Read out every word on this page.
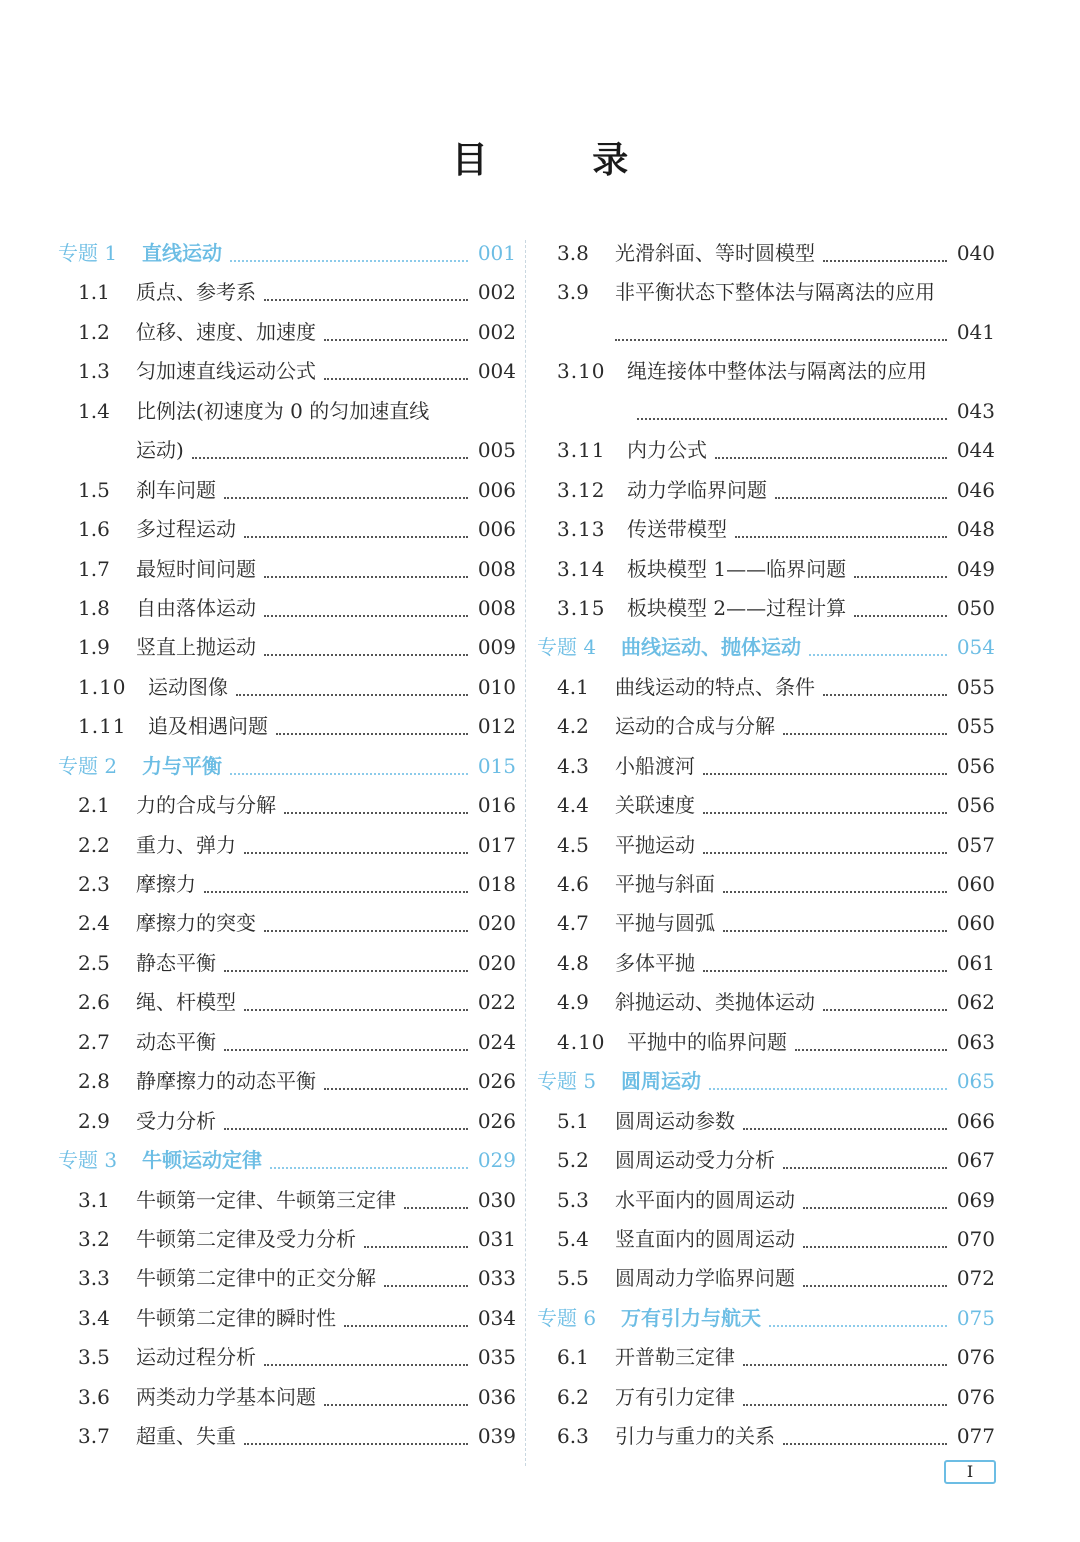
目 录
专题 1 直线运动	001
1.1 质点、参考系	002
1.2 位移、速度、加速度	002
1.3 匀加速直线运动公式	004
1.4 比例法(初速度为 0 的匀加速直线
运动)	005
1.5 刹车问题	006
1.6 多过程运动	006
1.7 最短时间问题	008
1.8 自由落体运动	008
1.9 竖直上抛运动	009
1.10 运动图像	010
1.11 追及相遇问题	012
专题 2 力与平衡	015
2.1 力的合成与分解	016
2.2 重力、弹力	017
2.3 摩擦力	018
2.4 摩擦力的突变	020
2.5 静态平衡	020
2.6 绳、杆模型	022
2.7 动态平衡	024
2.8 静摩擦力的动态平衡	026
2.9 受力分析	026
专题 3 牛顿运动定律	029
3.1 牛顿第一定律、牛顿第三定律	030
3.2 牛顿第二定律及受力分析	031
3.3 牛顿第二定律中的正交分解	033
3.4 牛顿第二定律的瞬时性	034
3.5 运动过程分析	035
3.6 两类动力学基本问题	036
3.7 超重、失重	039
3.8 光滑斜面、等时圆模型	040
3.9 非平衡状态下整体法与隔离法的应用
041
3.10 绳连接体中整体法与隔离法的应用
043
3.11 内力公式	044
3.12 动力学临界问题	046
3.13 传送带模型	048
3.14 板块模型 1——临界问题	049
3.15 板块模型 2——过程计算	050
专题 4 曲线运动、抛体运动	054
4.1 曲线运动的特点、条件	055
4.2 运动的合成与分解	055
4.3 小船渡河	056
4.4 关联速度	056
4.5 平抛运动	057
4.6 平抛与斜面	060
4.7 平抛与圆弧	060
4.8 多体平抛	061
4.9 斜抛运动、类抛体运动	062
4.10 平抛中的临界问题	063
专题 5 圆周运动	065
5.1 圆周运动参数	066
5.2 圆周运动受力分析	067
5.3 水平面内的圆周运动	069
5.4 竖直面内的圆周运动	070
5.5 圆周动力学临界问题	072
专题 6 万有引力与航天	075
6.1 开普勒三定律	076
6.2 万有引力定律	076
6.3 引力与重力的关系	077
I
